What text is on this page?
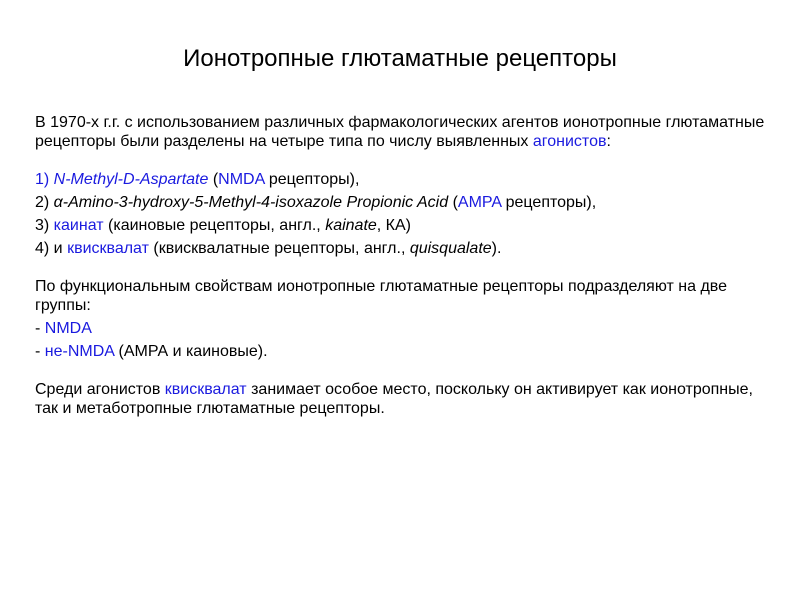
Ионотропные глютаматные рецепторы

В 1970-х г.г. с использованием различных фармакологических агентов ионотропные глютаматные рецепторы были разделены на четыре типа по числу выявленных агонистов:

1) N-Methyl-D-Aspartate (NMDA рецепторы),

2) α-Amino-3-hydroxy-5-Methyl-4-isoxazole Propionic Acid (AMPA рецепторы),

3) каинат (каиновые рецепторы, англ., kainate, КА)

4) и квисквалат (квисквалатные рецепторы, англ., quisqualate).

По функциональным свойствам ионотропные глютаматные рецепторы подразделяют на две группы:

- NMDA

- не-NMDA (АМРА и каиновые).

Среди агонистов квисквалат занимает особое место, поскольку он активирует как ионотропные, так и метаботропные глютаматные рецепторы.
